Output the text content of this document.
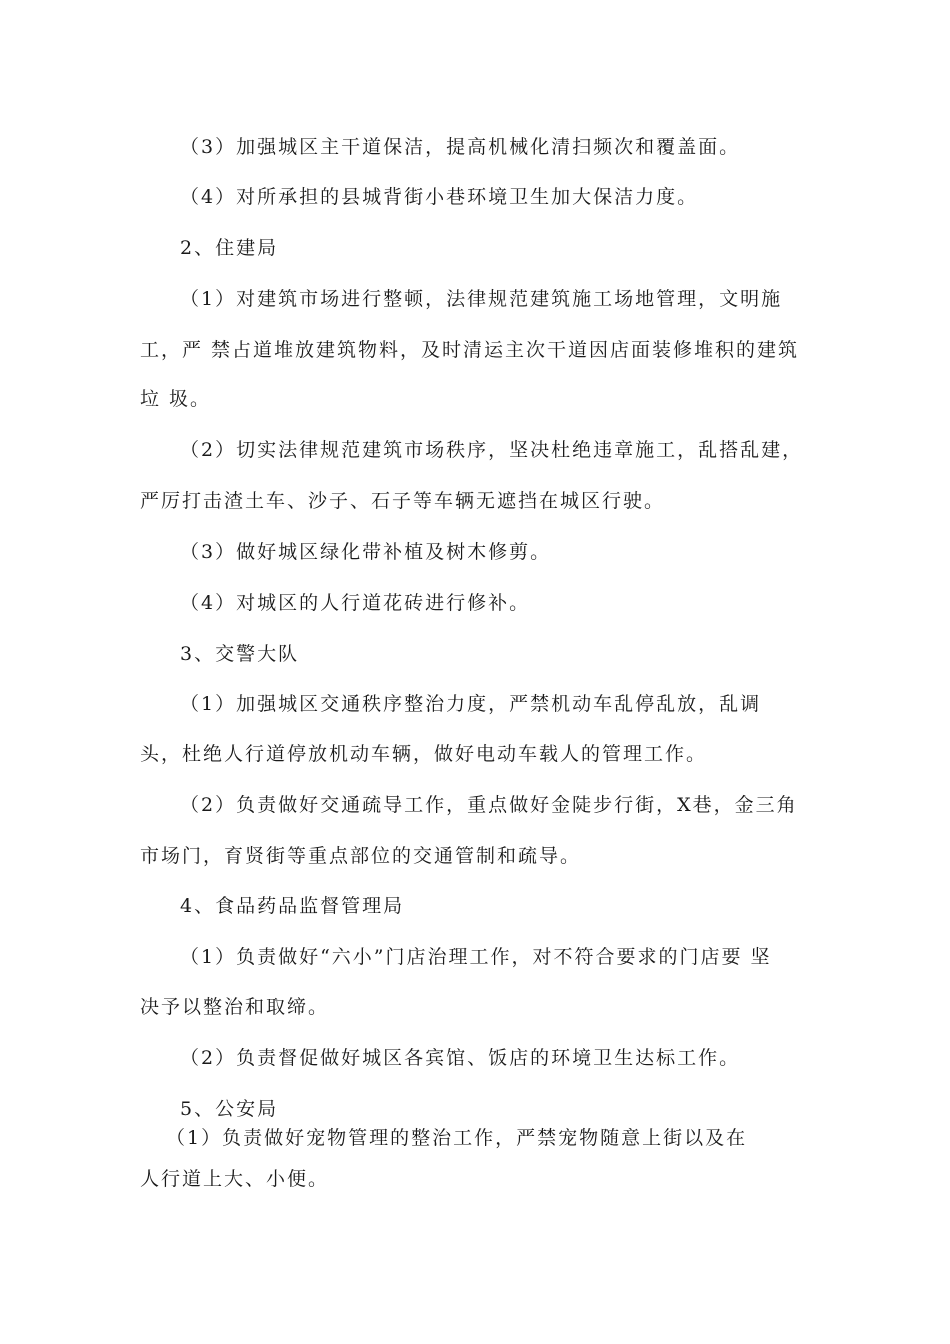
（3）加强城区主干道保洁，提高机械化清扫频次和覆盖面。
（4）对所承担的县城背街小巷环境卫生加大保洁力度。
2、住建局
（1）对建筑市场进行整顿，法律规范建筑施工场地管理，文明施
工，严 禁占道堆放建筑物料，及时清运主次干道因店面装修堆积的建筑
垃 圾。
（2）切实法律规范建筑市场秩序，坚决杜绝违章施工，乱搭乱建，
严厉打击渣土车、沙子、石子等车辆无遮挡在城区行驶。
（3）做好城区绿化带补植及树木修剪。
（4）对城区的人行道花砖进行修补。
3、交警大队
（1）加强城区交通秩序整治力度，严禁机动车乱停乱放，乱调
头，杜绝人行道停放机动车辆，做好电动车载人的管理工作。
（2）负责做好交通疏导工作，重点做好金陡步行街，X巷，金三角
市场门，育贤街等重点部位的交通管制和疏导。
4、食品药品监督管理局
（1）负责做好“六小”门店治理工作，对不符合要求的门店要 坚
决予以整治和取缔。
（2）负责督促做好城区各宾馆、饭店的环境卫生达标工作。
5、公安局
（1）负责做好宠物管理的整治工作，严禁宠物随意上街以及在
人行道上大、小便。
